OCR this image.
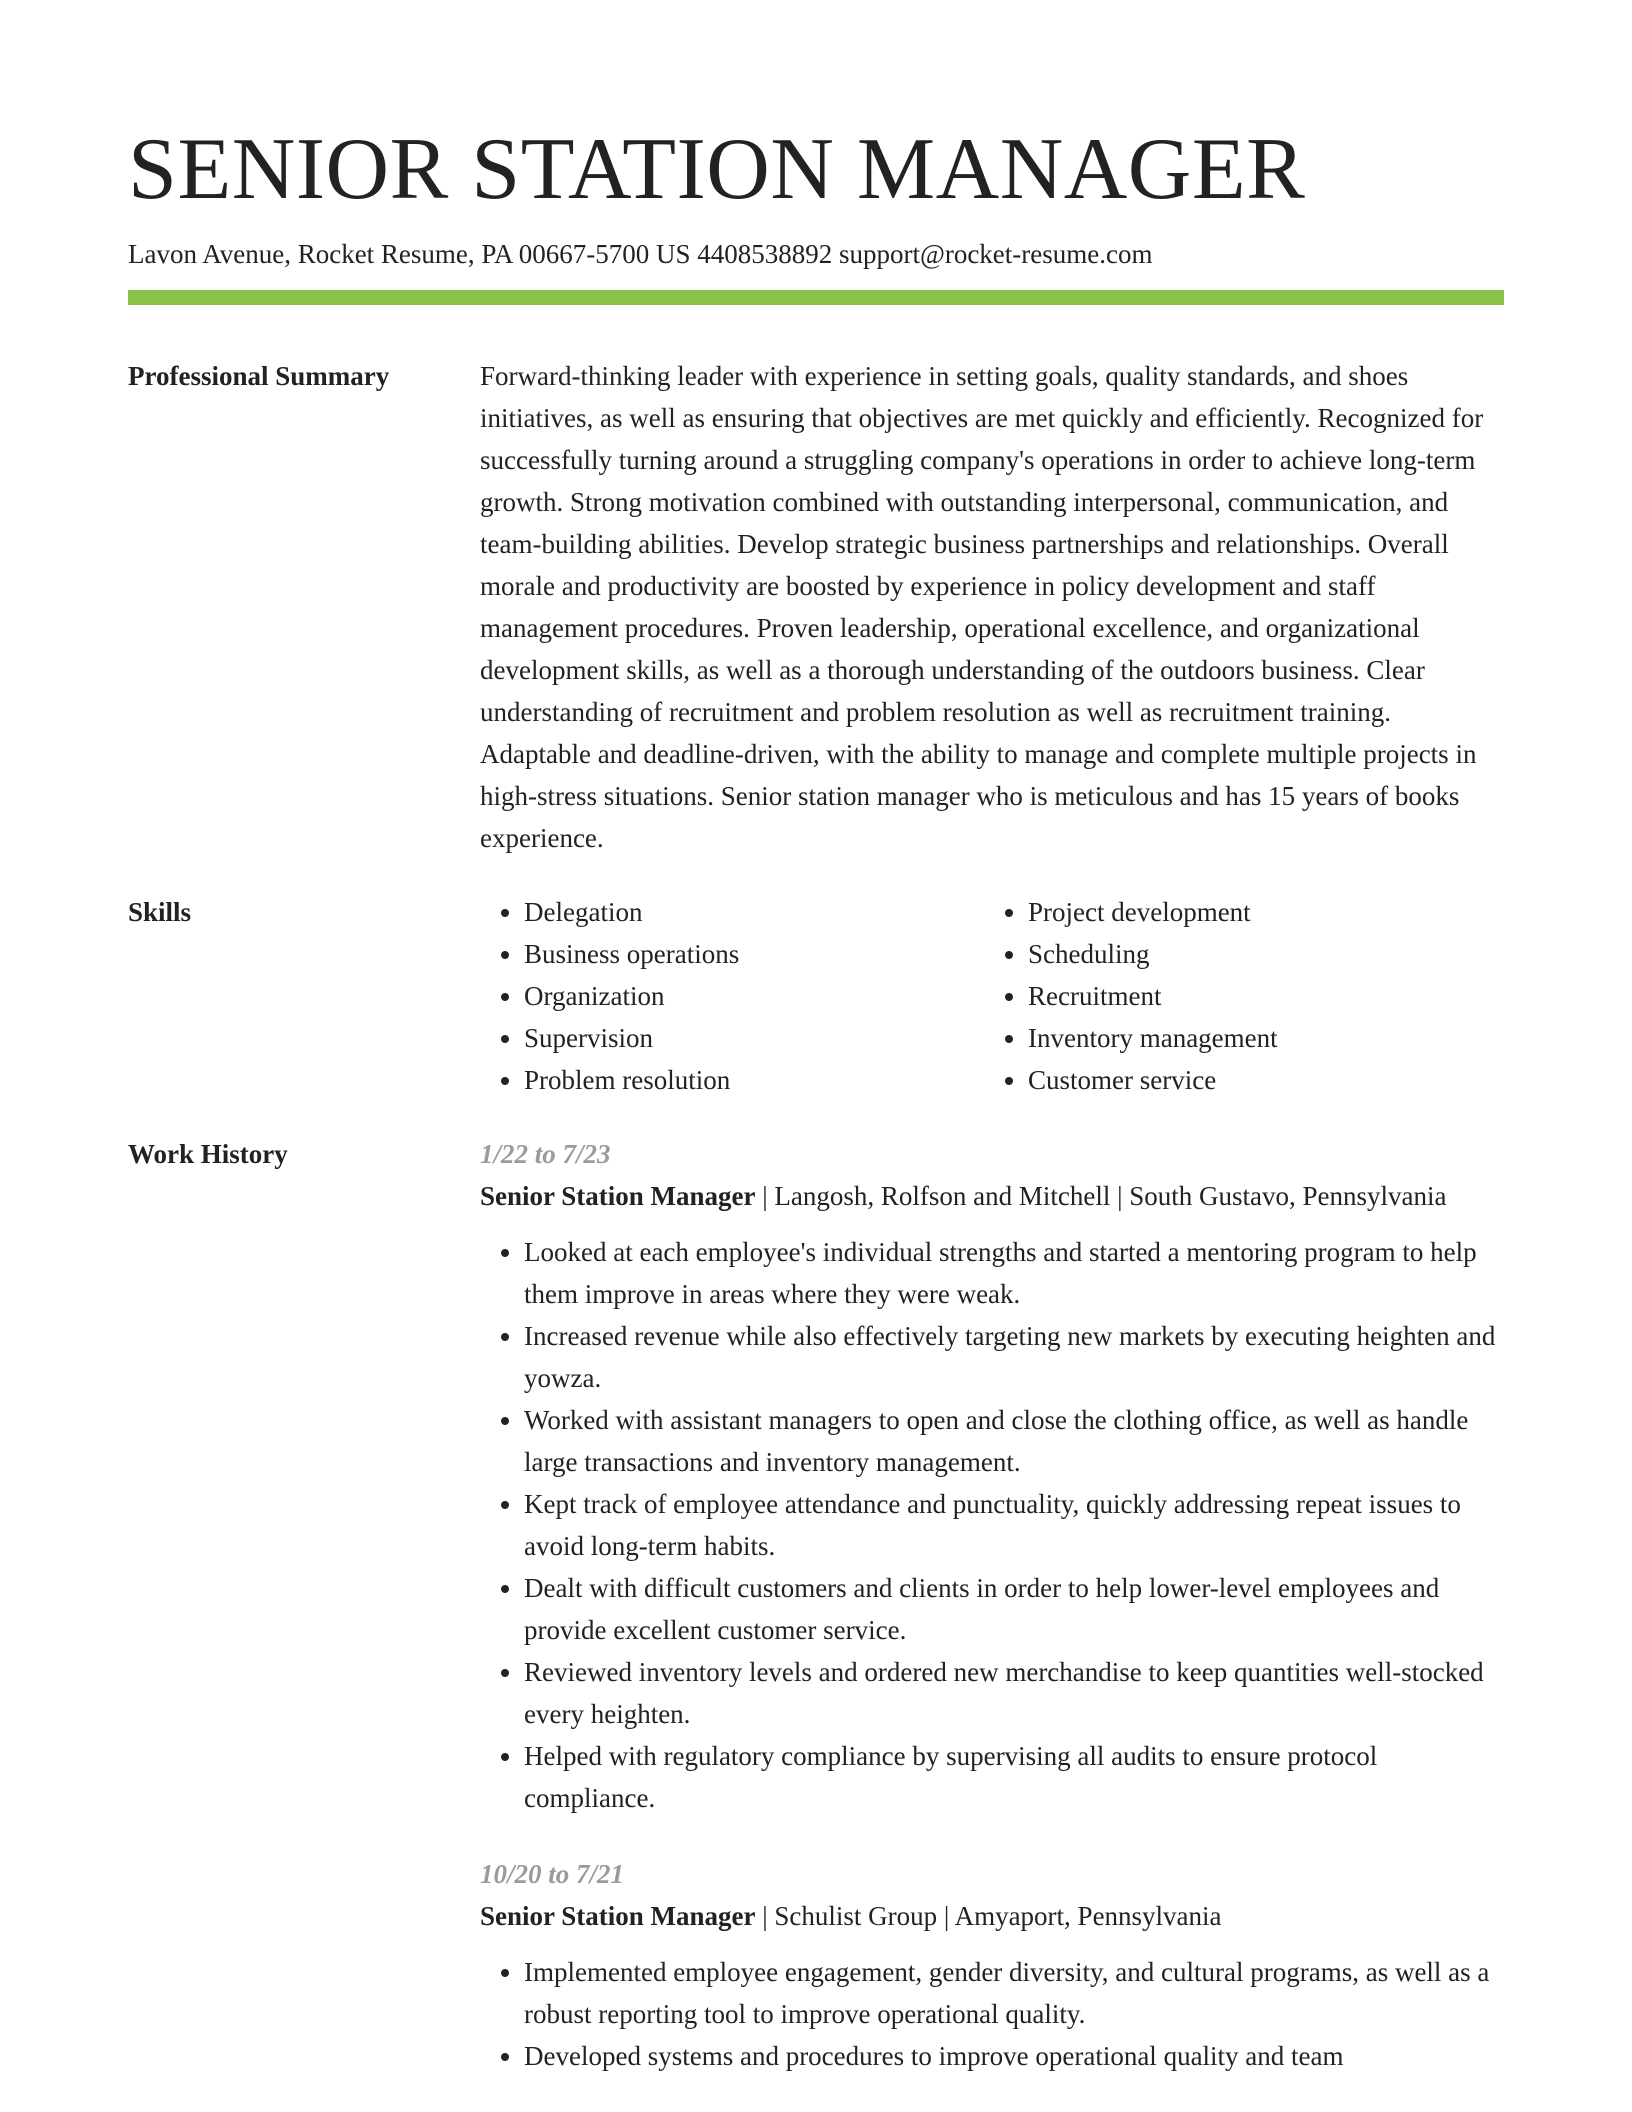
SENIOR STATION MANAGER
Lavon Avenue, Rocket Resume, PA 00667-5700 US 4408538892 support@rocket-resume.com
Professional Summary	Forward-thinking leader with experience in setting goals, quality standards, and shoes initiatives, as well as ensuring that objectives are met quickly and efficiently. Recognized for successfully turning around a struggling company's operations in order to achieve long-term growth. Strong motivation combined with outstanding interpersonal, communication, and team-building abilities. Develop strategic business partnerships and relationships. Overall morale and productivity are boosted by experience in policy development and staff management procedures. Proven leadership, operational excellence, and organizational development skills, as well as a thorough understanding of the outdoors business. Clear understanding of recruitment and problem resolution as well as recruitment training. Adaptable and deadline-driven, with the ability to manage and complete multiple projects in high-stress situations. Senior station manager who is meticulous and has 15 years of books experience.

Skills
•	Delegation
• Business operations
• Organization
• Supervision
• Problem resolution
• Project development
• Scheduling
• Recruitment
• Inventory management
• Customer service
Work History	1/22 to 7/23
Senior Station Manager | Langosh, Rolfson and Mitchell | South Gustavo, Pennsylvania
• Looked at each employee's individual strengths and started a mentoring program to help them improve in areas where they were weak.
• Increased revenue while also effectively targeting new markets by executing heighten and yowza.
• Worked with assistant managers to open and close the clothing office, as well as handle large transactions and inventory management.
• Kept track of employee attendance and punctuality, quickly addressing repeat issues to avoid long-term habits.
• Dealt with difficult customers and clients in order to help lower-level employees and provide excellent customer service.
• Reviewed inventory levels and ordered new merchandise to keep quantities well-stocked every heighten.
• Helped with regulatory compliance by supervising all audits to ensure protocol compliance.
10/20 to 7/21
Senior Station Manager | Schulist Group | Amyaport, Pennsylvania
• Implemented employee engagement, gender diversity, and cultural programs, as well as a robust reporting tool to improve operational quality.
• Developed systems and procedures to improve operational quality and team
